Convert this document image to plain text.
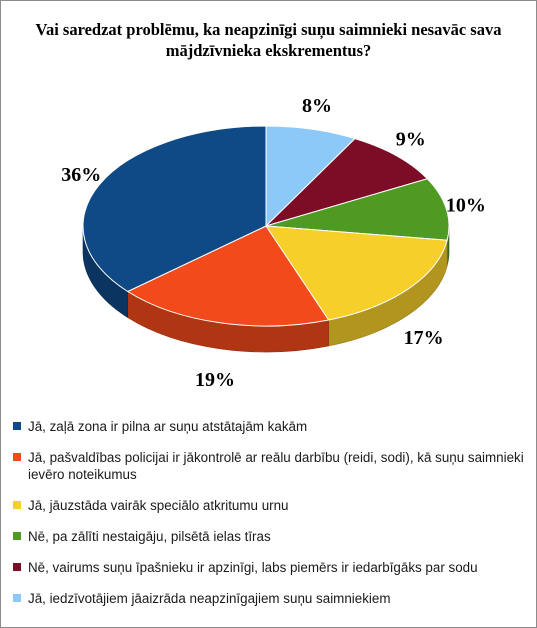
Vai saredzat problēmu, ka neapzinīgi suņu saimnieki nesavāc sava mājdzīvnieka ekskrementus?
8%
9%
10%
17%
19%
36%
Jā, zaļā zona ir pilna ar suņu atstātajām kakām
Jā, pašvaldības policijai ir jākontrolē ar reālu darbību (reidi, sodi), kā suņu saimnieki ievēro noteikumus
Jā, jāuzstāda vairāk speciālo atkritumu urnu
Nē, pa zālīti nestaigāju, pilsētā ielas tīras
Nē, vairums suņu īpašnieku ir apzinīgi, labs piemērs ir iedarbīgāks par sodu
Jā, iedzīvotājiem jāaizrāda neapzinīgajiem suņu saimniekiem
